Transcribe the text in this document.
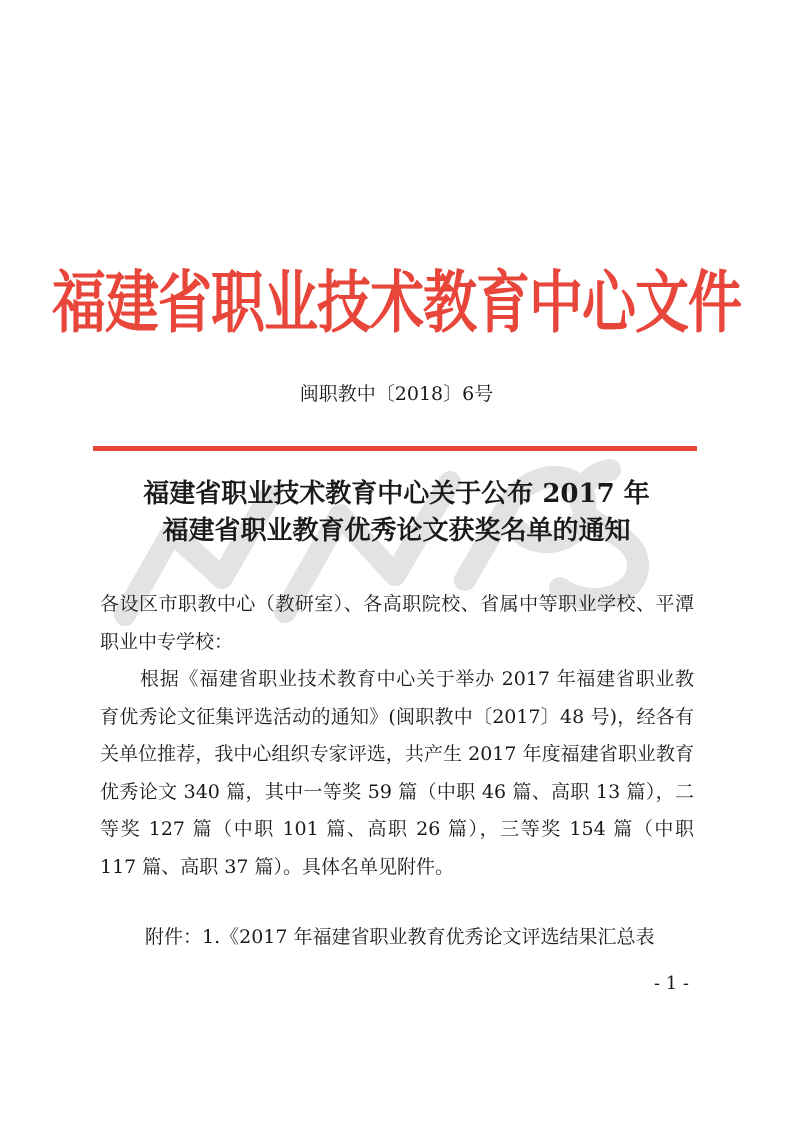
福建省职业技术教育中心文件
闽职教中〔2018〕6号
福建省职业技术教育中心关于公布 2017 年
福建省职业教育优秀论文获奖名单的通知

各设区市职教中心（教研室）、各高职院校、省属中等职业学校、平潭职业中专学校：

根据《福建省职业技术教育中心关于举办 2017 年福建省职业教育优秀论文征集评选活动的通知》(闽职教中〔2017〕48 号)，经各有关单位推荐，我中心组织专家评选，共产生 2017 年度福建省职业教育优秀论文 340 篇，其中一等奖 59 篇（中职 46 篇、高职 13 篇），二等奖 127 篇（中职 101 篇、高职 26 篇），三等奖 154 篇（中职 117 篇、高职 37 篇）。具体名单见附件。

附件：1.《2017 年福建省职业教育优秀论文评选结果汇总表
- 1 -
